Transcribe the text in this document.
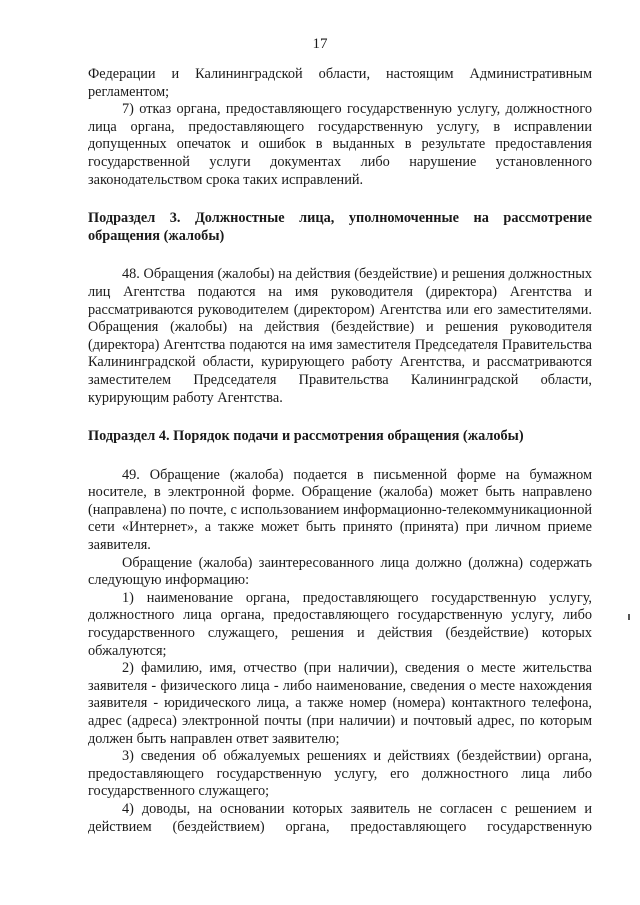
17

Федерации и Калининградской области, настоящим Административным регламентом;

7) отказ органа, предоставляющего государственную услугу, должностного лица органа, предоставляющего государственную услугу, в исправлении допущенных опечаток и ошибок в выданных в результате предоставления государственной услуги документах либо нарушение установленного законодательством срока таких исправлений.

Подраздел 3. Должностные лица, уполномоченные на рассмотрение обращения (жалобы)

48. Обращения (жалобы) на действия (бездействие) и решения должностных лиц Агентства подаются на имя руководителя (директора) Агентства и рассматриваются руководителем (директором) Агентства или его заместителями. Обращения (жалобы) на действия (бездействие) и решения руководителя (директора) Агентства подаются на имя заместителя Председателя Правительства Калининградской области, курирующего работу Агентства, и рассматриваются заместителем Председателя Правительства Калининградской области, курирующим работу Агентства.

Подраздел 4. Порядок подачи и рассмотрения обращения (жалобы)

49. Обращение (жалоба) подается в письменной форме на бумажном носителе, в электронной форме. Обращение (жалоба) может быть направлено (направлена) по почте, с использованием информационно-телекоммуникационной сети «Интернет», а также может быть принято (принята) при личном приеме заявителя.

Обращение (жалоба) заинтересованного лица должно (должна) содержать следующую информацию:

1) наименование органа, предоставляющего государственную услугу, должностного лица органа, предоставляющего государственную услугу, либо государственного служащего, решения и действия (бездействие) которых обжалуются;

2) фамилию, имя, отчество (при наличии), сведения о месте жительства заявителя - физического лица - либо наименование, сведения о месте нахождения заявителя - юридического лица, а также номер (номера) контактного телефона, адрес (адреса) электронной почты (при наличии) и почтовый адрес, по которым должен быть направлен ответ заявителю;

3) сведения об обжалуемых решениях и действиях (бездействии) органа, предоставляющего государственную услугу, его должностного лица либо государственного служащего;

4) доводы, на основании которых заявитель не согласен с решением и действием (бездействием) органа, предоставляющего государственную
